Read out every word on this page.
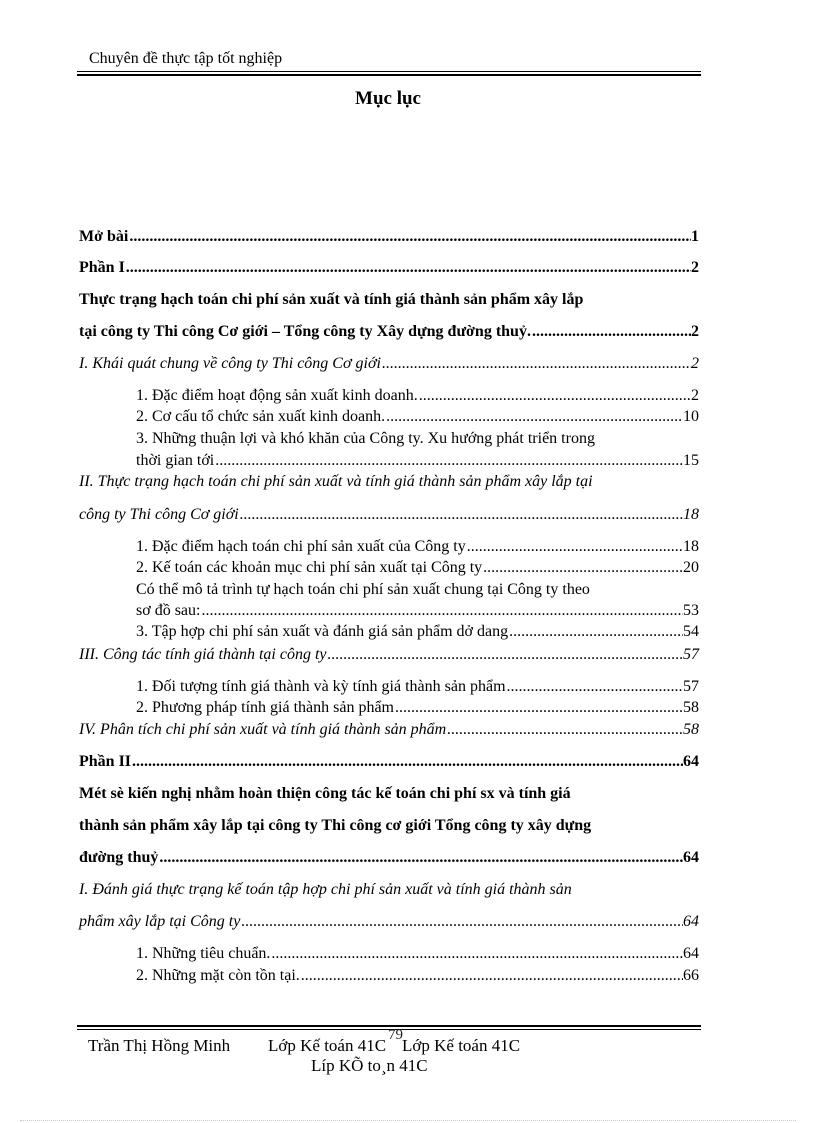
Chuyên đề thực tập tốt nghiệp
Mục lục
Mở bài .....	1
Phần I .....	2
Thực trạng hạch toán chi phí sản xuất và tính giá thành sản phẩm xây lắp
tại công ty Thi công Cơ giới – Tổng công ty Xây dựng đường thuỷ. .....	2
I. Khái quát chung về công ty Thi công Cơ giới .....	2
1. Đặc điểm hoạt động sản xuất kinh doanh. .....	2
2. Cơ cấu tổ chức sản xuất kinh doanh. .....	10
3. Những thuận lợi và khó khăn của Công ty. Xu hướng phát triển trong
thời gian tới .....	15
II. Thực trạng hạch toán chi phí sản xuất và tính giá thành sản phẩm xây lắp tại
công ty Thi công Cơ giới .....	18
1. Đặc điểm hạch toán chi phí sản xuất của Công ty .....	18
2. Kế toán các khoản mục chi phí sản xuất tại Công ty .....	20
Có thể mô tả trình tự hạch toán chi phí sản xuất chung tại Công ty theo
sơ đồ sau: .....	53
3. Tập hợp chi phí sản xuất và đánh giá sản phẩm dở dang .....	54
III. Công tác tính giá thành tại công ty .....	57
1. Đối tượng tính giá thành và kỳ tính giá thành sản phẩm .....	57
2. Phương pháp tính giá thành sản phẩm .....	58
IV. Phân tích chi phí sản xuất và tính giá thành sản phẩm .....	58
Phần II .....	64
Mét sè kiến nghị nhằm hoàn thiện công tác kế toán chi phí sx và tính giá
thành sản phẩm xây lắp tại công ty Thi công cơ giới Tổng công ty xây dựng
đường thuỷ .....	64
I. Đánh giá thực trạng kế toán tập hợp chi phí sản xuất và tính giá thành sản
phẩm xây lắp tại Công ty .....	64
1. Những tiêu chuẩn. .....	64
2. Những mặt còn tồn tại. .....	66
79
Trần Thị Hồng Minh Lớp Kế toán 41C Lớp Kế toán 41C
Líp KÕ to¸n 41C
